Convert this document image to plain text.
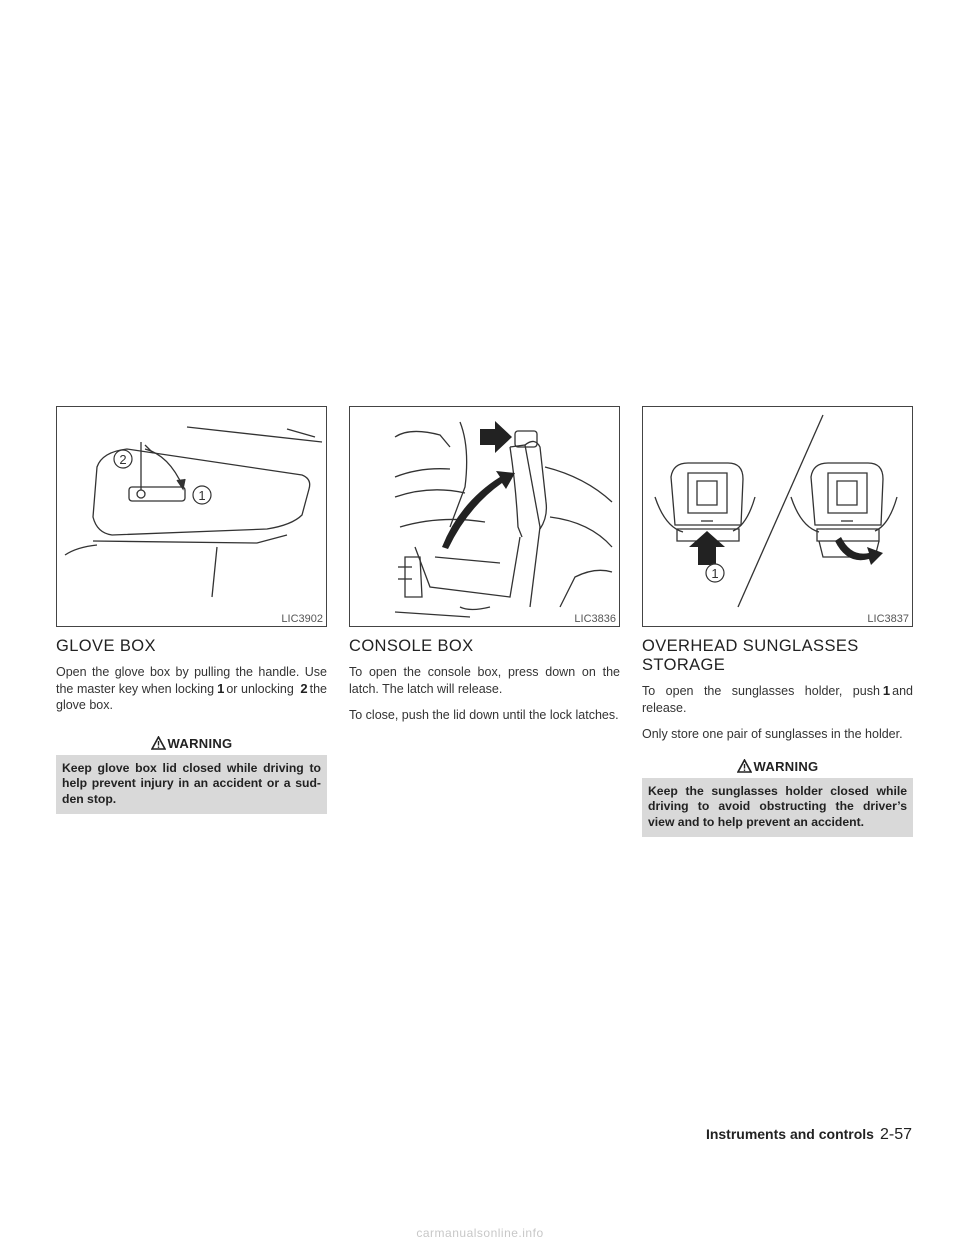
2
1
LIC3902
GLOVE BOX

Open the glove box by pulling the handle. Use the master key when locking 1 or unlocking 2 the glove box.

WARNING
Keep glove box lid closed while driving to help prevent injury in an accident or a sud-den stop.
LIC3836
CONSOLE BOX

To open the console box, press down on the latch. The latch will release.

To close, push the lid down until the lock latches.

1
LIC3837
OVERHEAD SUNGLASSES STORAGE

To open the sunglasses holder, push 1 and release.

Only store one pair of sunglasses in the holder.

WARNING
Keep the sunglasses holder closed while driving to avoid obstructing the driver’s view and to help prevent an accident.
Instruments and controls 2-57
carmanualsonline.info
